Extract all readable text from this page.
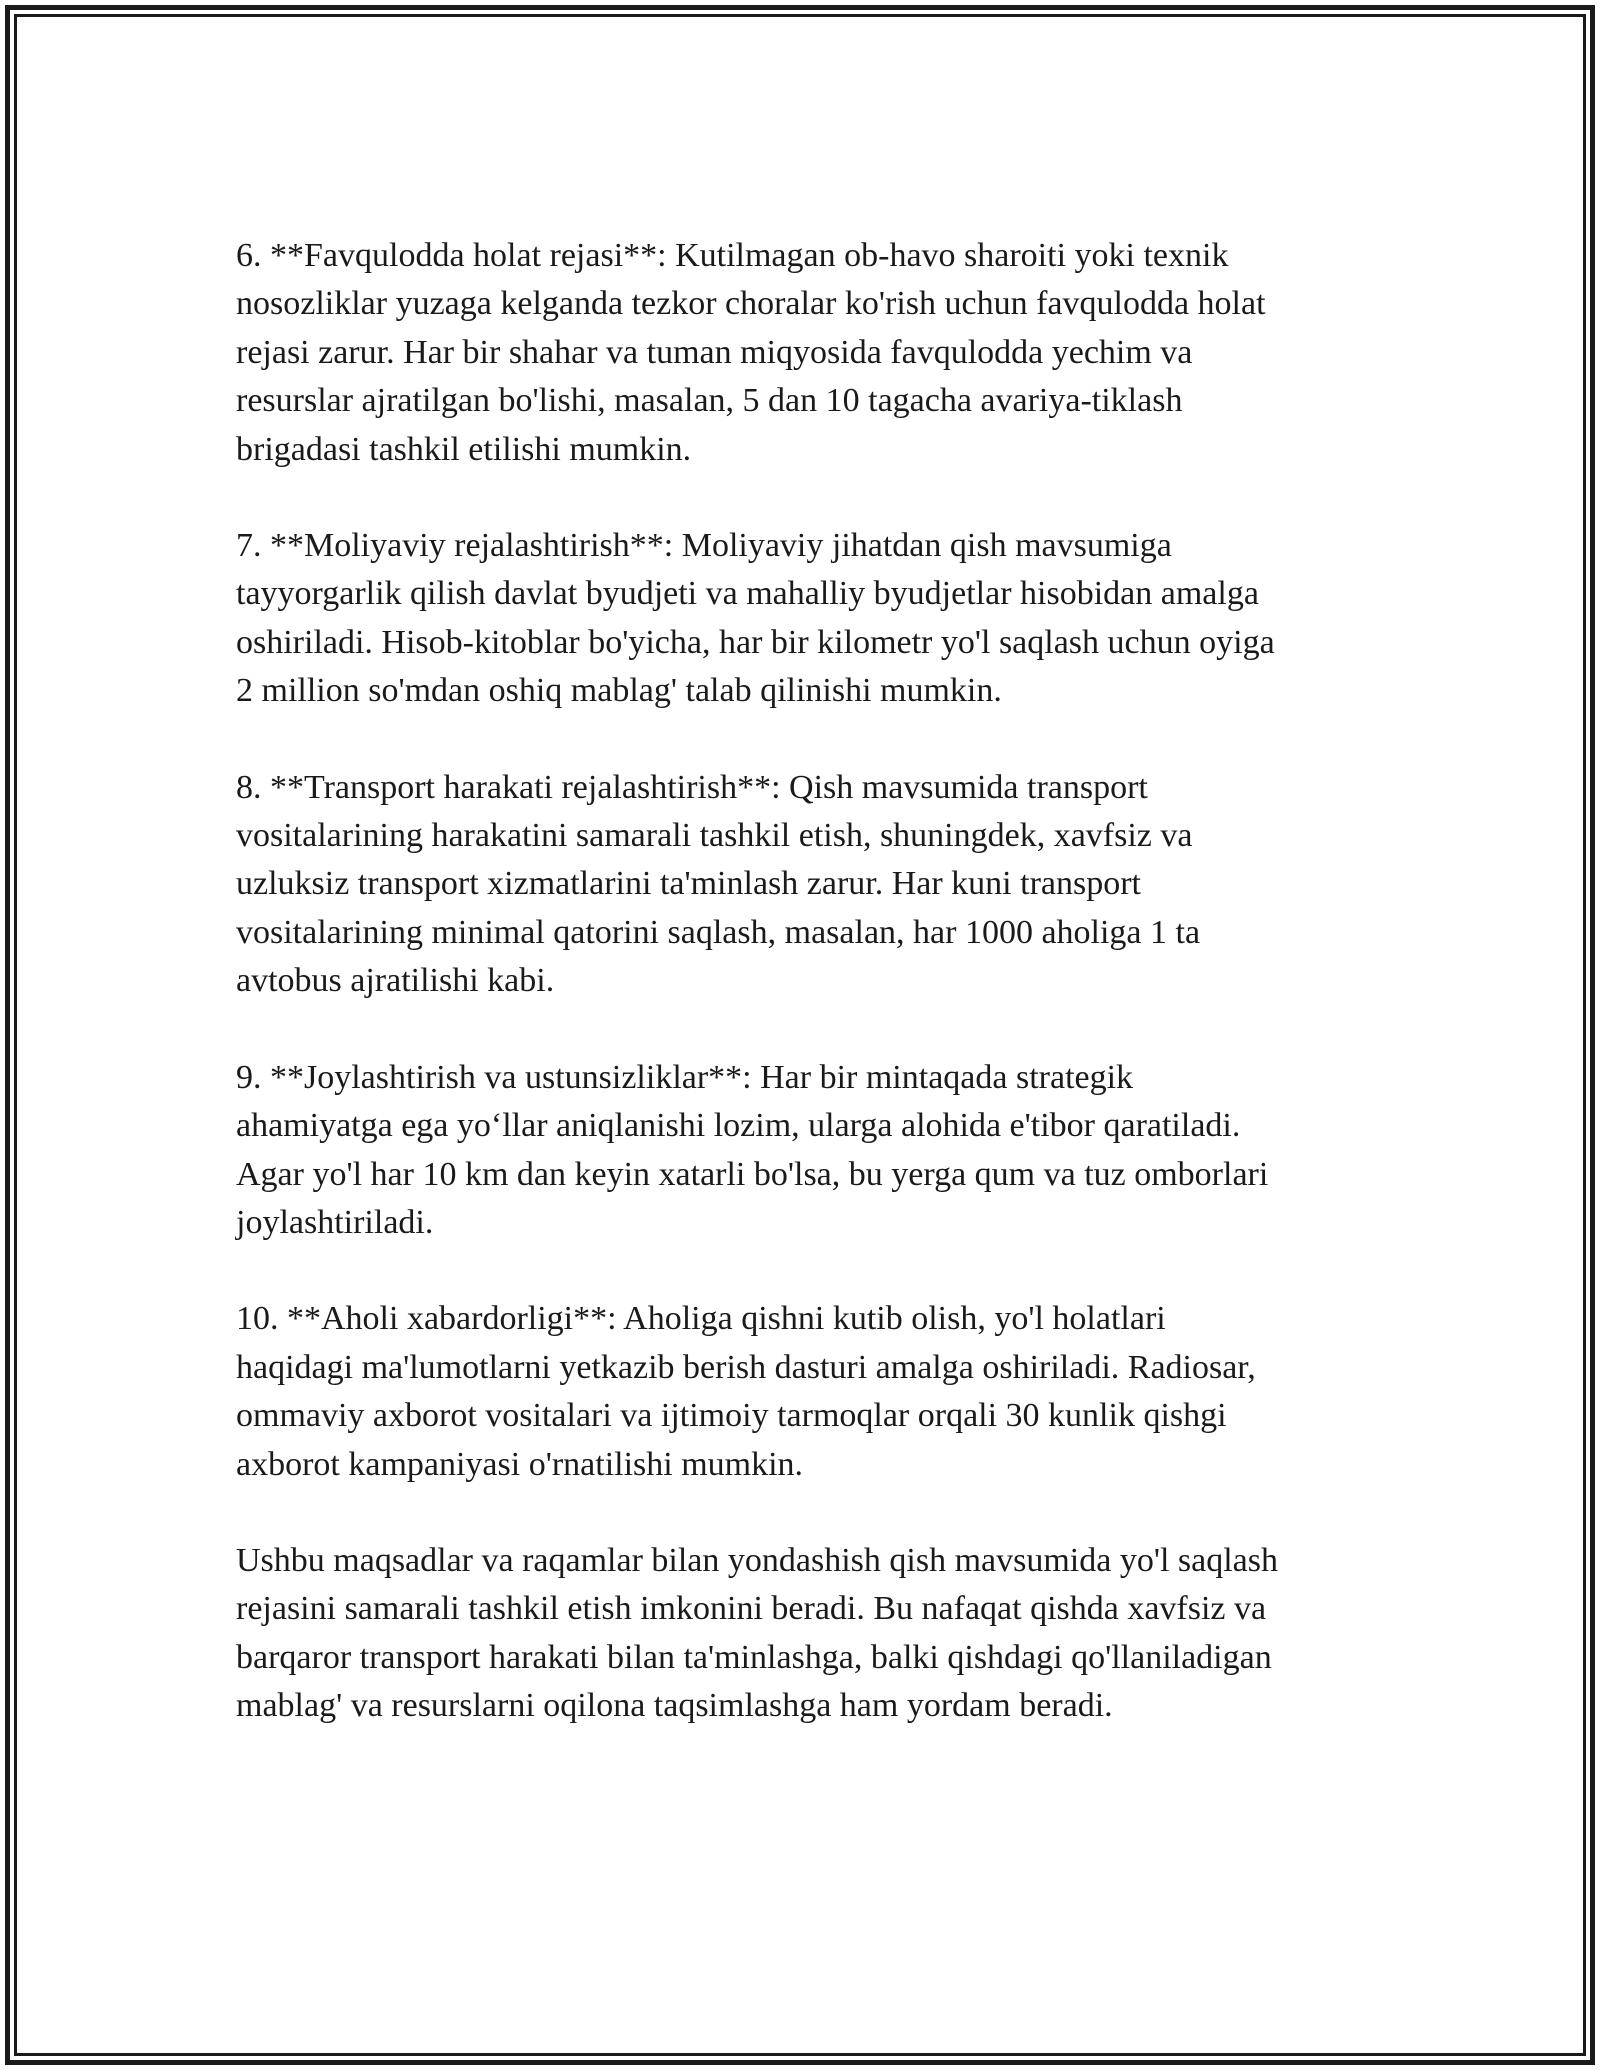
6. **Favqulodda holat rejasi**: Kutilmagan ob-havo sharoiti yoki texnik
nosozliklar yuzaga kelganda tezkor choralar ko'rish uchun favqulodda holat
rejasi zarur. Har bir shahar va tuman miqyosida favqulodda yechim va
resurslar ajratilgan bo'lishi, masalan, 5 dan 10 tagacha avariya-tiklash
brigadasi tashkil etilishi mumkin.

7. **Moliyaviy rejalashtirish**: Moliyaviy jihatdan qish mavsumiga
tayyorgarlik qilish davlat byudjeti va mahalliy byudjetlar hisobidan amalga
oshiriladi. Hisob-kitoblar bo'yicha, har bir kilometr yo'l saqlash uchun oyiga
2 million so'mdan oshiq mablag' talab qilinishi mumkin.

8. **Transport harakati rejalashtirish**: Qish mavsumida transport
vositalarining harakatini samarali tashkil etish, shuningdek, xavfsiz va
uzluksiz transport xizmatlarini ta'minlash zarur. Har kuni transport
vositalarining minimal qatorini saqlash, masalan, har 1000 aholiga 1 ta
avtobus ajratilishi kabi.

9. **Joylashtirish va ustunsizliklar**: Har bir mintaqada strategik
ahamiyatga ega yo‘llar aniqlanishi lozim, ularga alohida e'tibor qaratiladi.
Agar yo'l har 10 km dan keyin xatarli bo'lsa, bu yerga qum va tuz omborlari
joylashtiriladi.

10. **Aholi xabardorligi**: Aholiga qishni kutib olish, yo'l holatlari
haqidagi ma'lumotlarni yetkazib berish dasturi amalga oshiriladi. Radiosar,
ommaviy axborot vositalari va ijtimoiy tarmoqlar orqali 30 kunlik qishgi
axborot kampaniyasi o'rnatilishi mumkin.

Ushbu maqsadlar va raqamlar bilan yondashish qish mavsumida yo'l saqlash
rejasini samarali tashkil etish imkonini beradi. Bu nafaqat qishda xavfsiz va
barqaror transport harakati bilan ta'minlashga, balki qishdagi qo'llaniladigan
mablag' va resurslarni oqilona taqsimlashga ham yordam beradi.
